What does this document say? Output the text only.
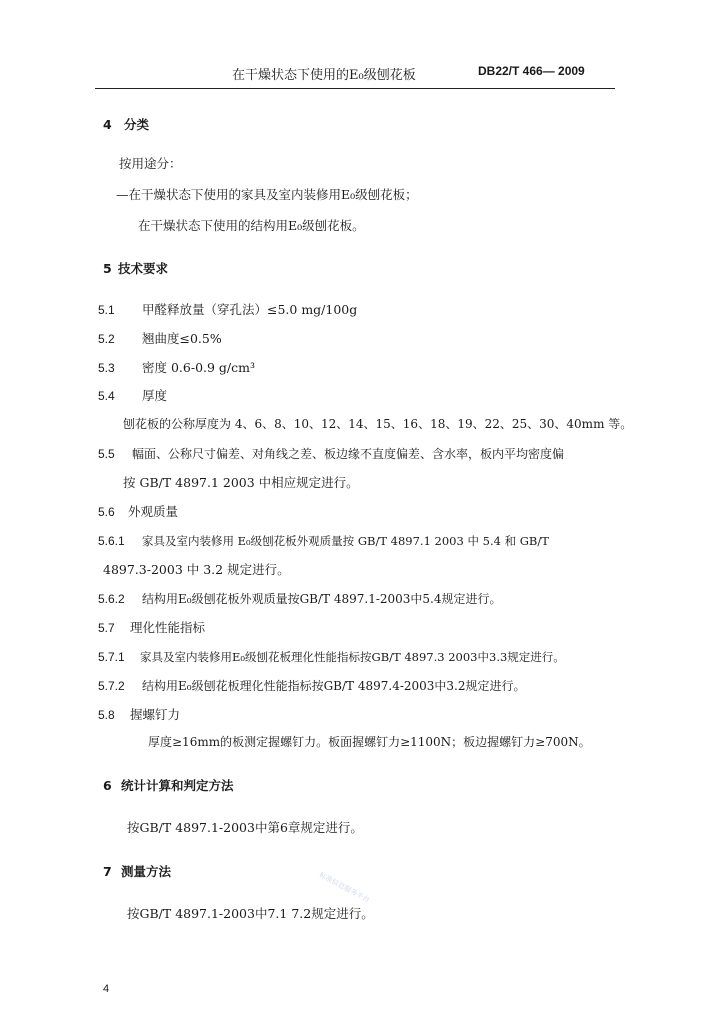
在干燥状态下使用的E₀级刨花板	DB22/T 466— 2009
4 分类
按用途分：
—在干燥状态下使用的家具及室内装修用E₀级刨花板；
在干燥状态下使用的结构用E₀级刨花板。
5 技术要求
5.1 甲醛释放量（穿孔法）≤5.0 mg/100g
5.2 翘曲度≤0.5%
5.3 密度 0.6-0.9 g/cm³
5.4 厚度
刨花板的公称厚度为 4、6、8、10、12、14、15、16、18、19、22、25、30、40mm 等。
5.5 幅面、公称尺寸偏差、对角线之差、板边缘不直度偏差、含水率，板内平均密度偏
按 GB/T 4897.1 2003 中相应规定进行。
5.6 外观质量
5.6.1 家具及室内装修用 E₀级刨花板外观质量按 GB/T 4897.1 2003 中 5.4 和 GB/T
4897.3-2003 中 3.2 规定进行。
5.6.2 结构用E₀级刨花板外观质量按GB/T 4897.1-2003中5.4规定进行。
5.7 理化性能指标
5.7.1 家具及室内装修用E₀级刨花板理化性能指标按GB/T 4897.3 2003中3.3规定进行。
5.7.2 结构用E₀级刨花板理化性能指标按GB/T 4897.4-2003中3.2规定进行。
5.8 握螺钉力
厚度≥16mm的板测定握螺钉力。板面握螺钉力≥1100N；板边握螺钉力≥700N。
6 统计计算和判定方法
按GB/T 4897.1-2003中第6章规定进行。
7 测量方法
按GB/T 4897.1-2003中7.1 7.2规定进行。
标准信息服务平台
4
